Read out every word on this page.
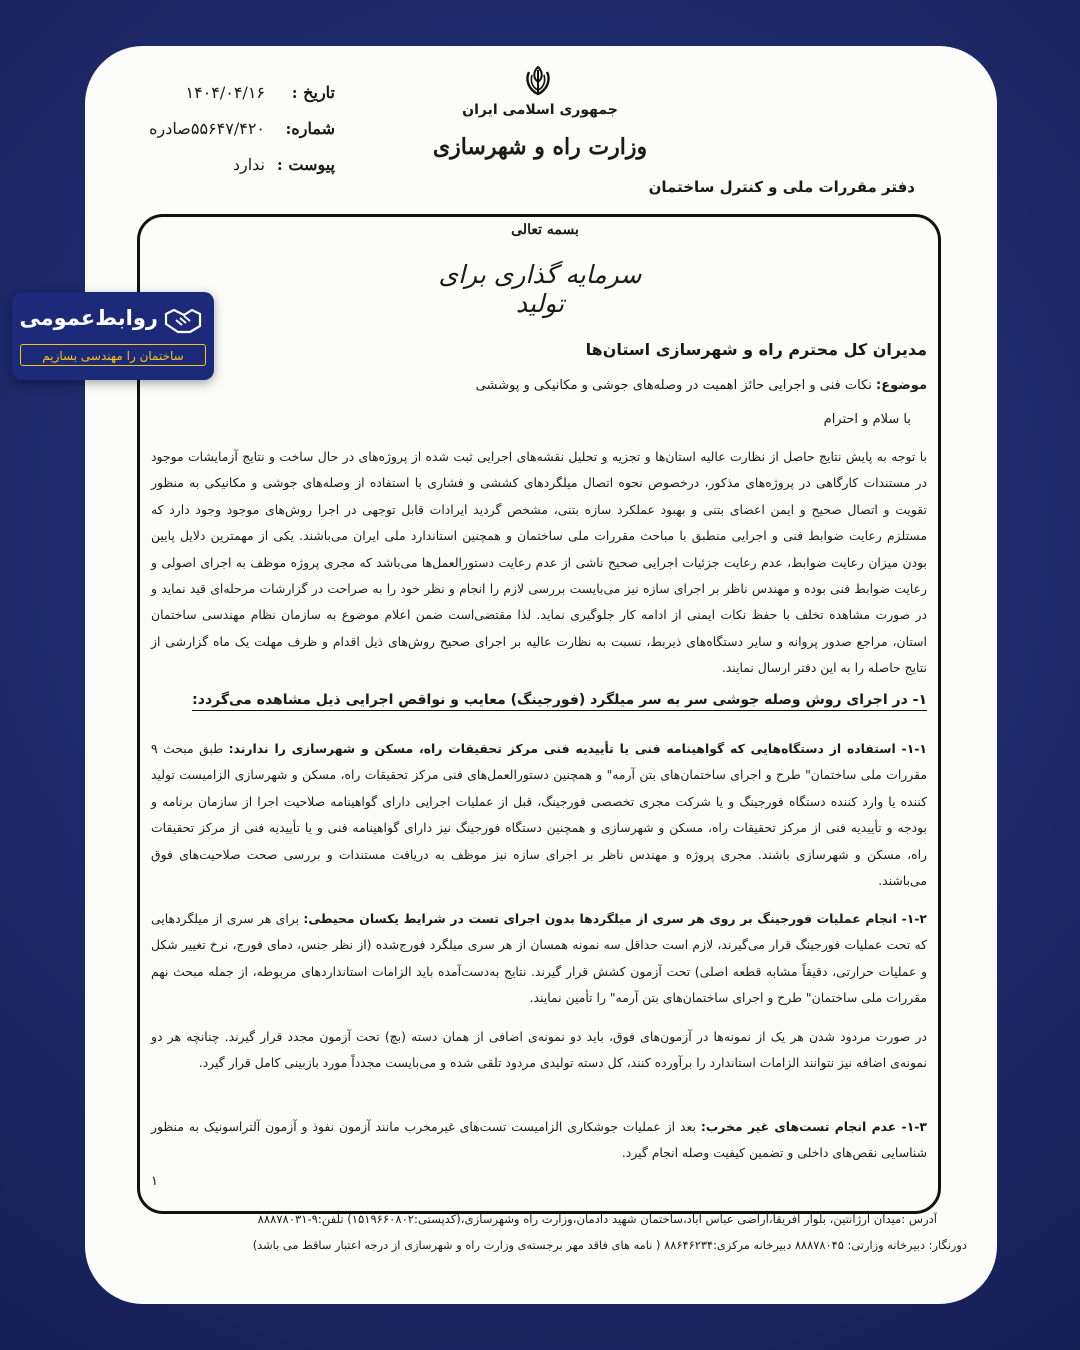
تاریخ :
۱۴۰۴/۰۴/۱۶
شماره:
۵۵۶۴۷/۴۲۰صادره
پیوست :
ندارد
جمهوری اسلامی ایران
وزارت راه و شهرسازی
دفتر مقررات ملی و کنترل ساختمان
بسمه تعالی
سرمایه گذاری برای تولید
مدیران کل محترم راه و شهرسازی استان‌ها
موضوع: نکات فنی و اجرایی حائز اهمیت در وصله‌های جوشی و مکانیکی و پوششی
با سلام و احترام
با توجه به پایش نتایج حاصل از نظارت عالیه استان‌ها و تجزیه و تحلیل نقشه‌های اجرایی ثبت شده از پروژه‌های در حال ساخت و نتایج آزمایشات موجود در مستندات کارگاهی در پروژه‌های مذکور، درخصوص نحوه اتصال میلگردهای کششی و فشاری با استفاده از وصله‌های جوشی و مکانیکی به منظور تقویت و اتصال صحیح و ایمن اعضای بتنی و بهبود عملکرد سازه بتنی، مشخص گردید ایرادات قابل توجهی در اجرا روش‌های موجود وجود دارد که مستلزم رعایت ضوابط فنی و اجرایی منطبق با مباحث مقررات ملی ساختمان و همچنین استاندارد ملی ایران می‌باشند. یکی از مهمترین دلایل پایین بودن میزان رعایت ضوابط، عدم رعایت جزئیات اجرایی صحیح ناشی از عدم رعایت دستورالعمل‌ها می‌باشد که مجری پروژه موظف به اجرای اصولی و رعایت ضوابط فنی بوده و مهندس ناظر بر اجرای سازه نیز می‌بایست بررسی لازم را انجام و نظر خود را به صراحت در گزارشات مرحله‌ای قید نماید و در صورت مشاهده تخلف با حفظ نکات ایمنی از ادامه کار جلوگیری نماید. لذا مقتضی‌است ضمن اعلام موضوع به سازمان نظام مهندسی ساختمان استان، مراجع صدور پروانه و سایر دستگاه‌های ذیربط، نسبت به نظارت عالیه بر اجرای صحیح روش‌های ذیل اقدام و ظرف مهلت یک ماه گزارشی از نتایج حاصله را به این دفتر ارسال نمایند.
۱- در اجرای روش وصله جوشی سر به سر میلگرد (فورجینگ) معایب و نواقص اجرایی ذیل مشاهده می‌گردد:
۱-۱- استفاده از دستگاه‌هایی که گواهینامه فنی یا تأییدیه فنی مرکز تحقیقات راه، مسکن و شهرسازی را ندارند: طبق مبحث ۹ مقررات ملی ساختمان" طرح و اجرای ساختمان‌های بتن آرمه" و همچنین دستورالعمل‌های فنی مرکز تحقیقات راه، مسکن و شهرسازی الزامیست تولید کننده یا وارد کننده دستگاه فورجینگ و یا شرکت مجری تخصصی فورجینگ، قبل از عملیات اجرایی دارای گواهینامه صلاحیت اجرا از سازمان برنامه و بودجه و تأییدیه فنی از مرکز تحقیقات راه، مسکن و شهرسازی و همچنین دستگاه فورجینگ نیز دارای گواهینامه فنی و یا تأییدیه فنی از مرکز تحقیقات راه، مسکن و شهرسازی باشند. مجری پروژه و مهندس ناظر بر اجرای سازه نیز موظف به دریافت مستندات و بررسی صحت صلاحیت‌های فوق می‌باشند.
۱-۲- انجام عملیات فورجینگ بر روی هر سری از میلگردها بدون اجرای تست در شرایط یکسان محیطی: برای هر سری از میلگردهایی که تحت عملیات فورجینگ قرار می‌گیرند، لازم است حداقل سه نمونه همسان از هر سری میلگرد فورج‌شده (از نظر جنس، دمای فورج، نرخ تغییر شکل و عملیات حرارتی، دقیقاً مشابه قطعه اصلی) تحت آزمون کشش قرار گیرند. نتایج به‌دست‌آمده باید الزامات استانداردهای مربوطه، از جمله مبحث نهم مقررات ملی ساختمان" طرح و اجرای ساختمان‌های بتن آرمه" را تأمین نمایند.
در صورت مردود شدن هر یک از نمونه‌ها در آزمون‌های فوق، باید دو نمونه‌ی اضافی از همان دسته (بچ) تحت آزمون مجدد قرار گیرند. چنانچه هر دو نمونه‌ی اضافه نیز نتوانند الزامات استاندارد را برآورده کنند، کل دسته تولیدی مردود تلقی شده و می‌بایست مجدداً مورد بازبینی کامل قرار گیرد.
۱-۳- عدم انجام تست‌های غیر مخرب: بعد از عملیات جوشکاری الزامیست تست‌های غیرمخرب مانند آزمون نفوذ و آزمون آلتراسونیک به منظور شناسایی نقص‌های داخلی و تضمین کیفیت وصله انجام گیرد.
۱
آدرس :میدان آرژانتین، بلوار آفریقا،اراضی عباس آباد،ساختمان شهید دادمان،وزارت راه وشهرسازی،(کدپستی:۱۵۱۹۶۶۰۸۰۲) تلفن:۹-۸۸۸۷۸۰۳۱
دورنگار: دبیرخانه وزارتی: ۸۸۸۷۸۰۴۵ دبیرخانه مرکزی:۸۸۶۴۶۲۳۴ ( نامه های فاقد مهر برجسته‌ی وزارت راه و شهرسازی از درجه اعتبار ساقط می باشد)
روابط‌عمومی
ساختمان را مهندسی بسازیم
